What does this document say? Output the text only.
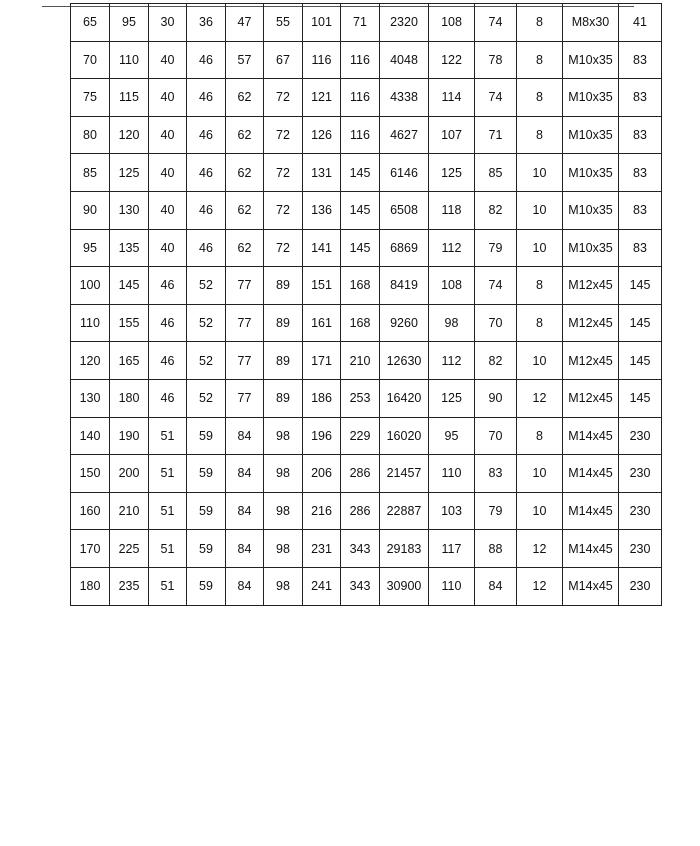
65	95	30	36	47	55	101	71	2320	108	74	8	M8x30	41
70	110	40	46	57	67	116	116	4048	122	78	8	M10x35	83
75	115	40	46	62	72	121	116	4338	114	74	8	M10x35	83
80	120	40	46	62	72	126	116	4627	107	71	8	M10x35	83
85	125	40	46	62	72	131	145	6146	125	85	10	M10x35	83
90	130	40	46	62	72	136	145	6508	118	82	10	M10x35	83
95	135	40	46	62	72	141	145	6869	112	79	10	M10x35	83
100	145	46	52	77	89	151	168	8419	108	74	8	M12x45	145
110	155	46	52	77	89	161	168	9260	98	70	8	M12x45	145
120	165	46	52	77	89	171	210	12630	112	82	10	M12x45	145
130	180	46	52	77	89	186	253	16420	125	90	12	M12x45	145
140	190	51	59	84	98	196	229	16020	95	70	8	M14x45	230
150	200	51	59	84	98	206	286	21457	110	83	10	M14x45	230
160	210	51	59	84	98	216	286	22887	103	79	10	M14x45	230
170	225	51	59	84	98	231	343	29183	117	88	12	M14x45	230
180	235	51	59	84	98	241	343	30900	110	84	12	M14x45	230
